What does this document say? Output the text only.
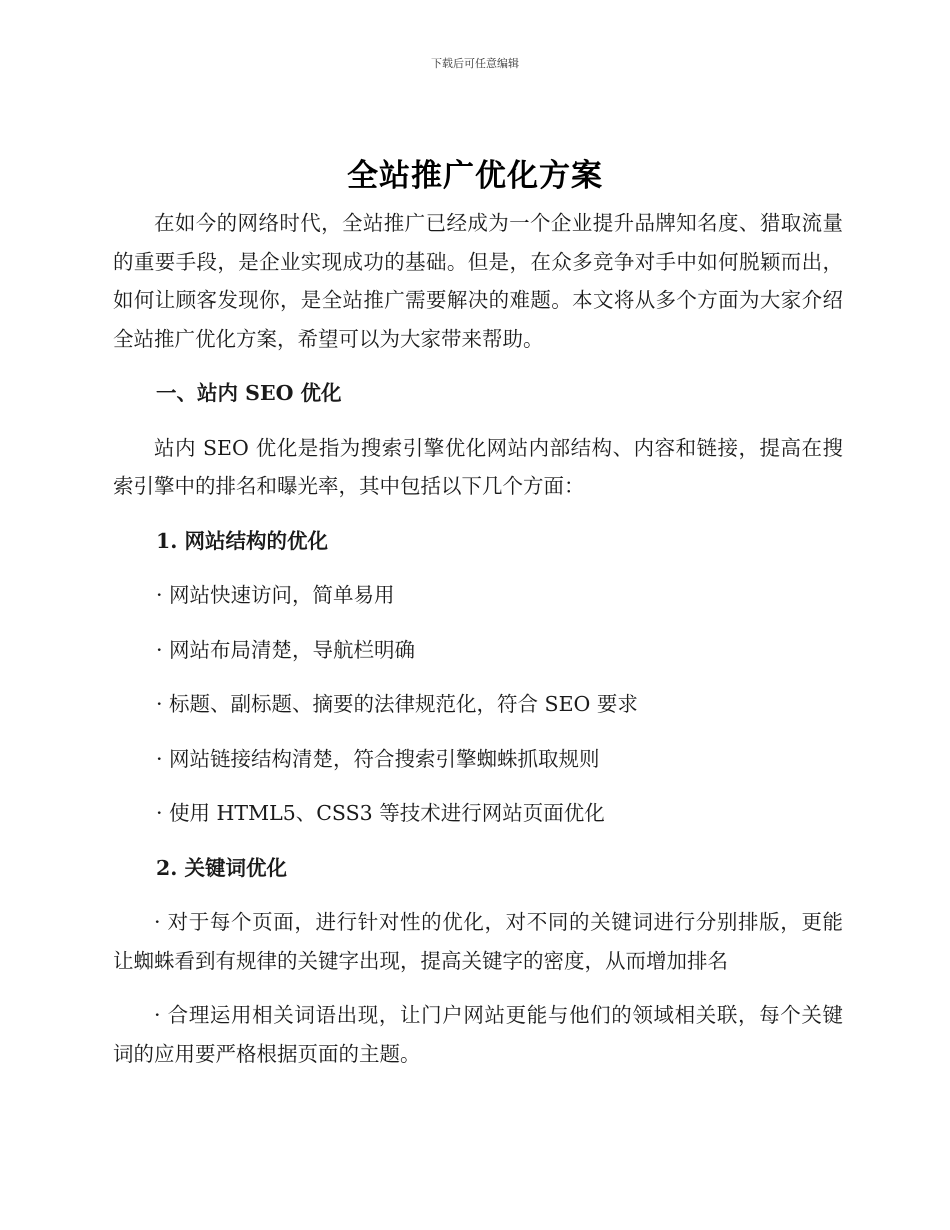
下载后可任意编辑
全站推广优化方案

在如今的网络时代，全站推广已经成为一个企业提升品牌知名度、猎取流量的重要手段，是企业实现成功的基础。但是，在众多竞争对手中如何脱颖而出，如何让顾客发现你，是全站推广需要解决的难题。本文将从多个方面为大家介绍全站推广优化方案，希望可以为大家带来帮助。

一、站内 SEO 优化

站内 SEO 优化是指为搜索引擎优化网站内部结构、内容和链接，提高在搜索引擎中的排名和曝光率，其中包括以下几个方面：

1. 网站结构的优化

· 网站快速访问，简单易用

· 网站布局清楚，导航栏明确

· 标题、副标题、摘要的法律规范化，符合 SEO 要求

· 网站链接结构清楚，符合搜索引擎蜘蛛抓取规则

· 使用 HTML5、CSS3 等技术进行网站页面优化

2. 关键词优化

· 对于每个页面，进行针对性的优化，对不同的关键词进行分别排版，更能让蜘蛛看到有规律的关键字出现，提高关键字的密度，从而增加排名

· 合理运用相关词语出现，让门户网站更能与他们的领域相关联，每个关键词的应用要严格根据页面的主题。
